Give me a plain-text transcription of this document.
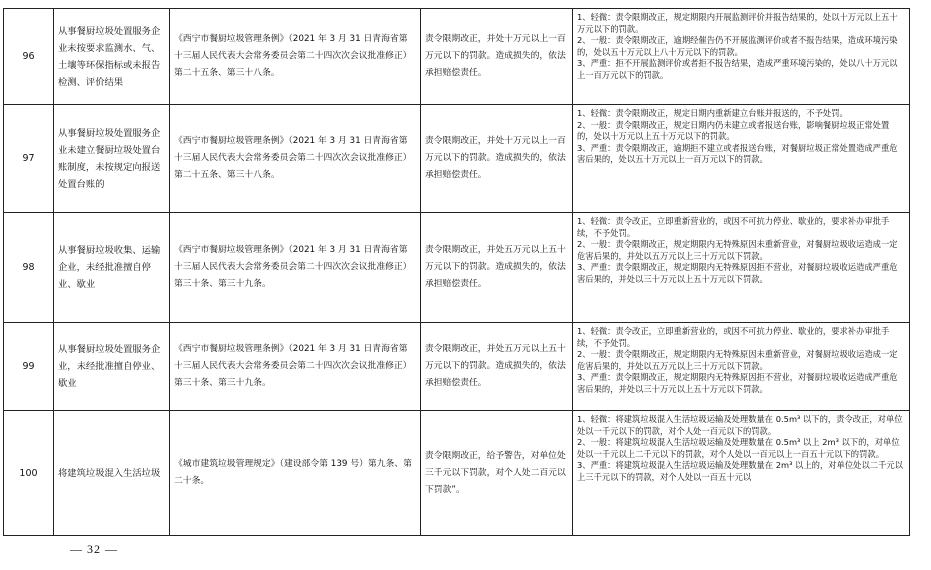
96	从事餐厨垃圾处置服务企业未按要求监测水、气、土壤等环保指标或未报告检测、评价结果	《西宁市餐厨垃圾管理条例》（2021 年 3 月 31 日青海省第十三届人民代表大会常务委员会第二十四次次会议批准修正）第二十五条、第三十八条。	责令限期改正，并处十万元以上一百万元以下的罚款。造成损失的，依法承担赔偿责任。	1、轻微：责令限期改正，规定期限内开展监测评价并报告结果的，处以十万元以上五十万元以下的罚款。
2、一般：责令限期改正，逾期经催告仍不开展监测评价或者不报告结果，造成环境污染的，处以五十万元以上八十万元以下的罚款。
3、严重：拒不开展监测评价或者拒不报告结果，造成严重环境污染的，处以八十万元以上一百万元以下的罚款。

97	从事餐厨垃圾处置服务企业未建立餐厨垃圾处置台账制度，未按规定向报送处置台账的	《西宁市餐厨垃圾管理条例》（2021 年 3 月 31 日青海省第十三届人民代表大会常务委员会第二十四次次会议批准修正）第二十五条、第三十八条。	责令限期改正，并处十万元以上一百万元以下的罚款。造成损失的，依法承担赔偿责任。	1、轻微：责令限期改正，规定日期内重新建立台账并报送的，不予处罚。
2、一般：责令限期改正，规定日期内仍未建立或者报送台账，影响餐厨垃圾正常处置的，处以十万元以上五十万元以下的罚款。
3、严重：责令限期改正，逾期拒不建立或者报送台账，对餐厨垃圾正常处置造成严重危害后果的，处以五十万元以上一百万元以下的罚款。

98	从事餐厨垃圾收集、运输企业，未经批准擅自停业、歇业	《西宁市餐厨垃圾管理条例》（2021 年 3 月 31 日青海省第十三届人民代表大会常务委员会第二十四次次会议批准修正）第三十条、第三十九条。	责令限期改正，并处五万元以上五十万元以下的罚款。造成损失的，依法承担赔偿责任。	1、轻微：责令改正，立即重新营业的，或因不可抗力停业、歇业的，要求补办审批手续，不予处罚。
2、一般：责令限期改正，规定期限内无特殊原因未重新营业，对餐厨垃圾收运造成一定危害后果的，并处以五万元以上三十万元以下罚款。
3、严重：责令限期改正，规定期限内无特殊原因拒不营业，对餐厨垃圾收运造成严重危害后果的，并处以三十万元以上五十万元以下罚款。

99	从事餐厨垃圾处置服务企业，未经批准擅自停业、歇业	《西宁市餐厨垃圾管理条例》（2021 年 3 月 31 日青海省第十三届人民代表大会常务委员会第二十四次次会议批准修正）第三十条、第三十九条。	责令限期改正，并处五万元以上五十万元以下的罚款。造成损失的，依法承担赔偿责任。	1、轻微：责令改正，立即重新营业的，或因不可抗力停业、歇业的，要求补办审批手续，不予处罚。
2、一般：责令限期改正，规定期限内无特殊原因未重新营业，对餐厨垃圾收运造成一定危害后果的，并处以五万元以上三十万元以下罚款。
3、严重：责令限期改正，规定期限内无特殊原因拒不营业，对餐厨垃圾收运造成严重危害后果的，并处以三十万元以上五十万元以下罚款。

100	将建筑垃圾混入生活垃圾	《城市建筑垃圾管理规定》（建设部令第 139 号）第九条、第二十条。	责令限期改正，给予警告，对单位处三千元以下罚款，对个人处二百元以下罚款”。	1、轻微：将建筑垃圾混入生活垃圾运输及处理数量在 0.5m³ 以下的，责令改正，对单位处以一千元以下的罚款，对个人处一百元以下的罚款。
2、一般：将建筑垃圾混入生活垃圾运输及处理数量在 0.5m³ 以上 2m³ 以下的，对单位处以一千元以上二千元以下的罚款，对个人处以一百元以上一百五十元以下的罚款。
3、严重：将建筑垃圾混入生活垃圾运输及处理数量在 2m³ 以上的，对单位处以二千元以上三千元以下的罚款，对个人处以一百五十元以
— 32 —
